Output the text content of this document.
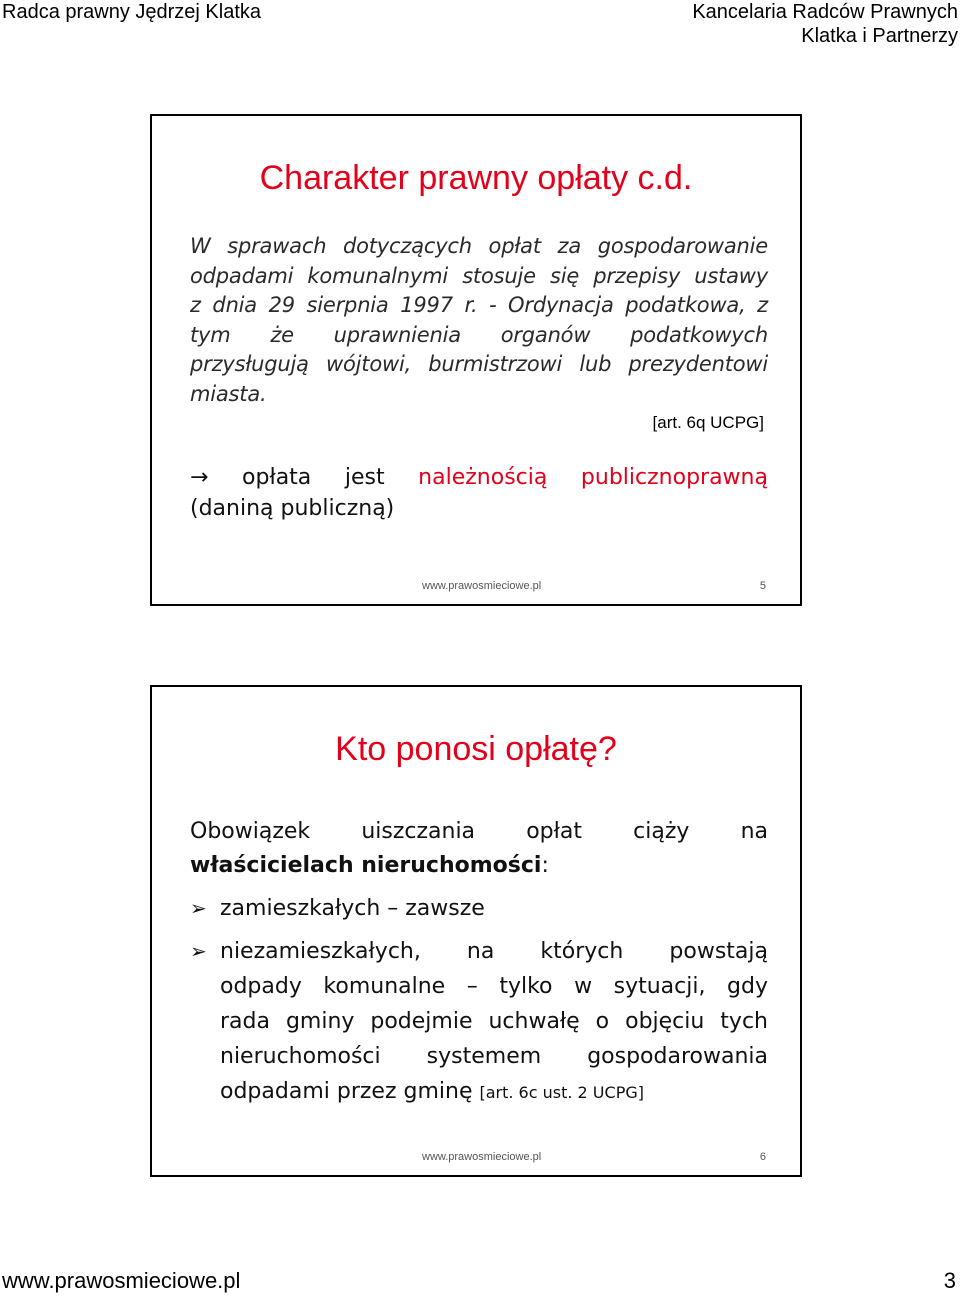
Radca prawny Jędrzej Klatka	Kancelaria Radców Prawnych
Klatka i Partnerzy
Charakter prawny opłaty c.d.
W sprawach dotyczących opłat za gospodarowanie
odpadami komunalnymi stosuje się przepisy ustawy
z dnia 29 sierpnia 1997 r. - Ordynacja podatkowa, z
tym że uprawnienia organów podatkowych
przysługują wójtowi, burmistrzowi lub prezydentowi
miasta.
[art. 6q UCPG]
→ opłata jest należnością publicznoprawną
(daniną publiczną)
www.prawosmieciowe.pl	5
Kto ponosi opłatę?
Obowiązek uiszczania opłat ciąży na
właścicielach nieruchomości:
➢ zamieszkałych – zawsze
➢ niezamieszkałych, na których powstają
odpady komunalne – tylko w sytuacji, gdy
rada gminy podejmie uchwałę o objęciu tych
nieruchomości systemem gospodarowania
odpadami przez gminę [art. 6c ust. 2 UCPG]
www.prawosmieciowe.pl	6
www.prawosmieciowe.pl	3
